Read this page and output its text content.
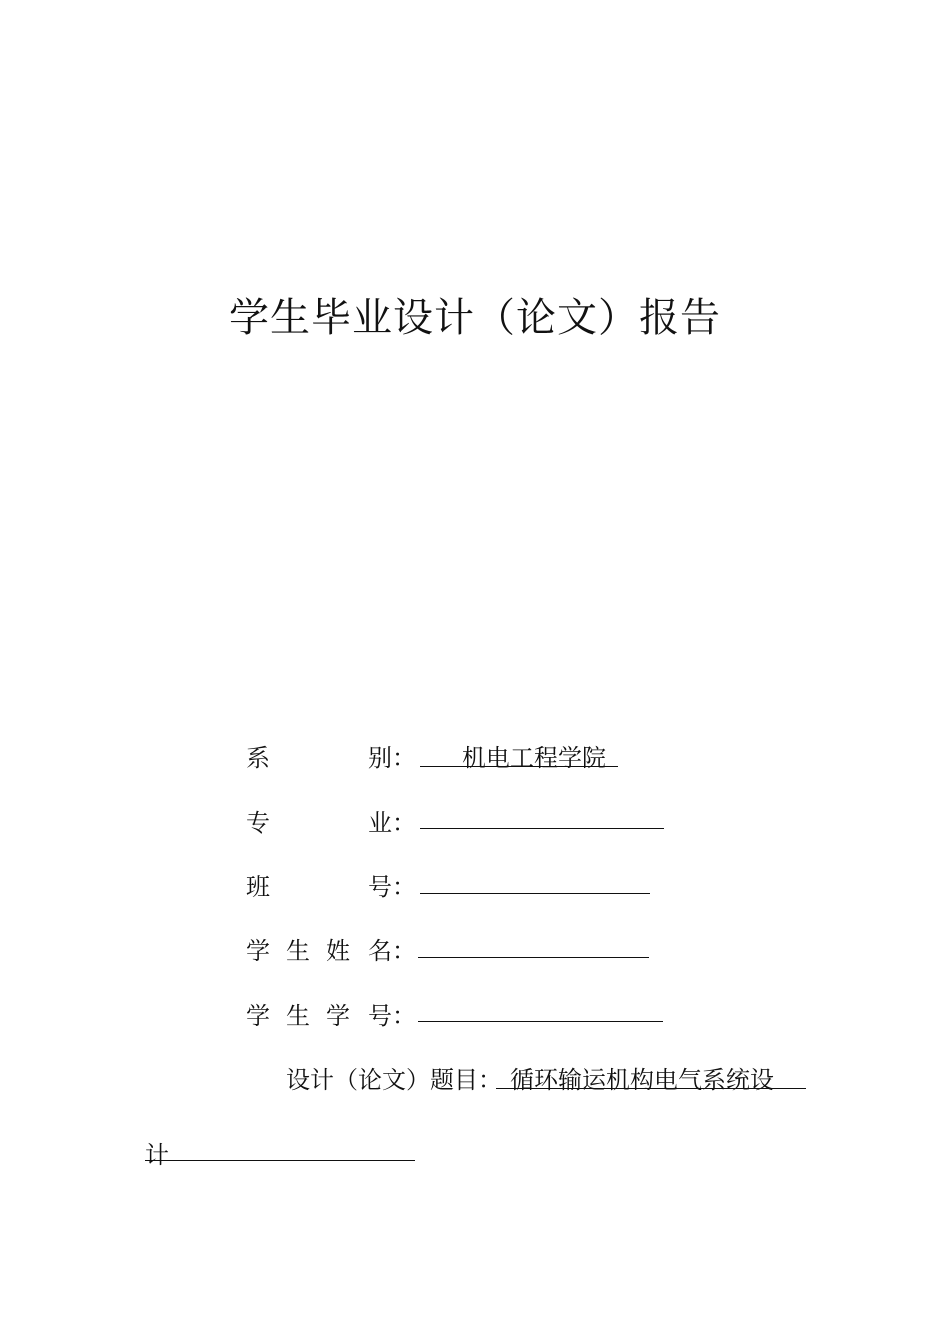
学生毕业设计（论文）报告
系	别： 机电工程学院
专	业：
班	号：
学 生 姓 名：
学 生 学 号：
设计（论文）题目： 循环输运机构电气系统设
计
